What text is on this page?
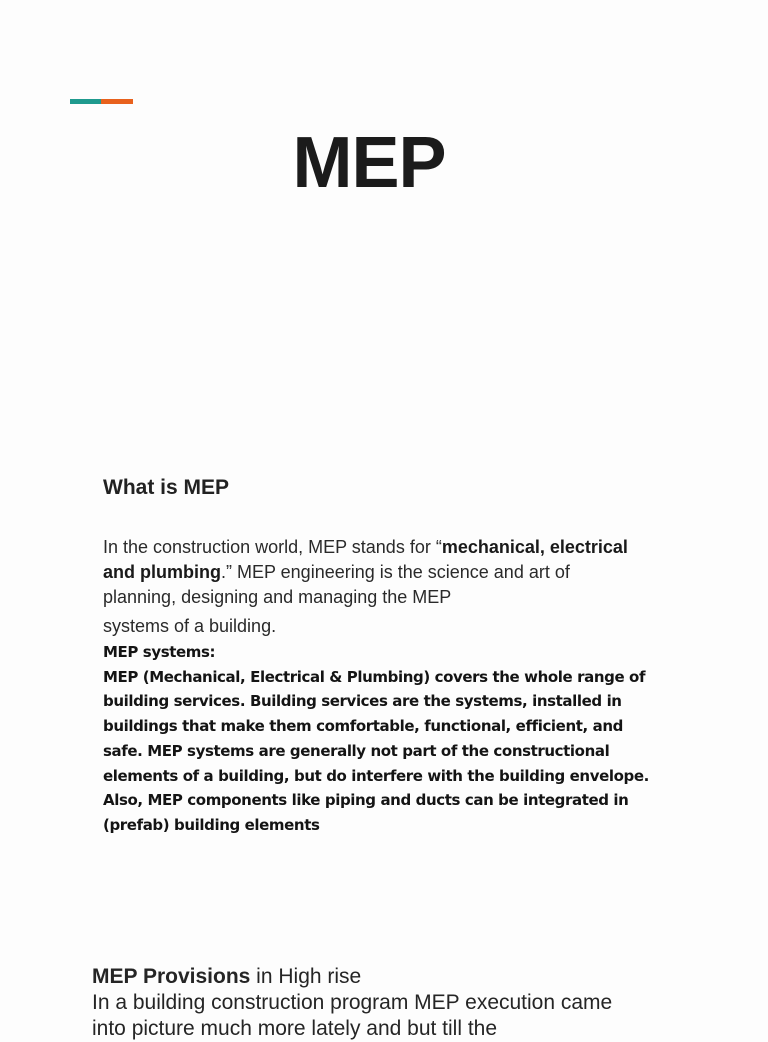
MEP
What is MEP

In the construction world, MEP stands for “mechanical, electrical and plumbing.” MEP engineering is the science and art of planning, designing and managing the MEP
systems of a building.

MEP systems:
MEP (Mechanical, Electrical & Plumbing) covers the whole range of
building services. Building services are the systems, installed in
buildings that make them comfortable, functional, efficient, and
safe. MEP systems are generally not part of the constructional
elements of a building, but do interfere with the building envelope.
Also, MEP components like piping and ducts can be integrated in
(prefab) building elements
MEP Provisions in High rise
In a building construction program MEP execution came
into picture much more lately and but till the
